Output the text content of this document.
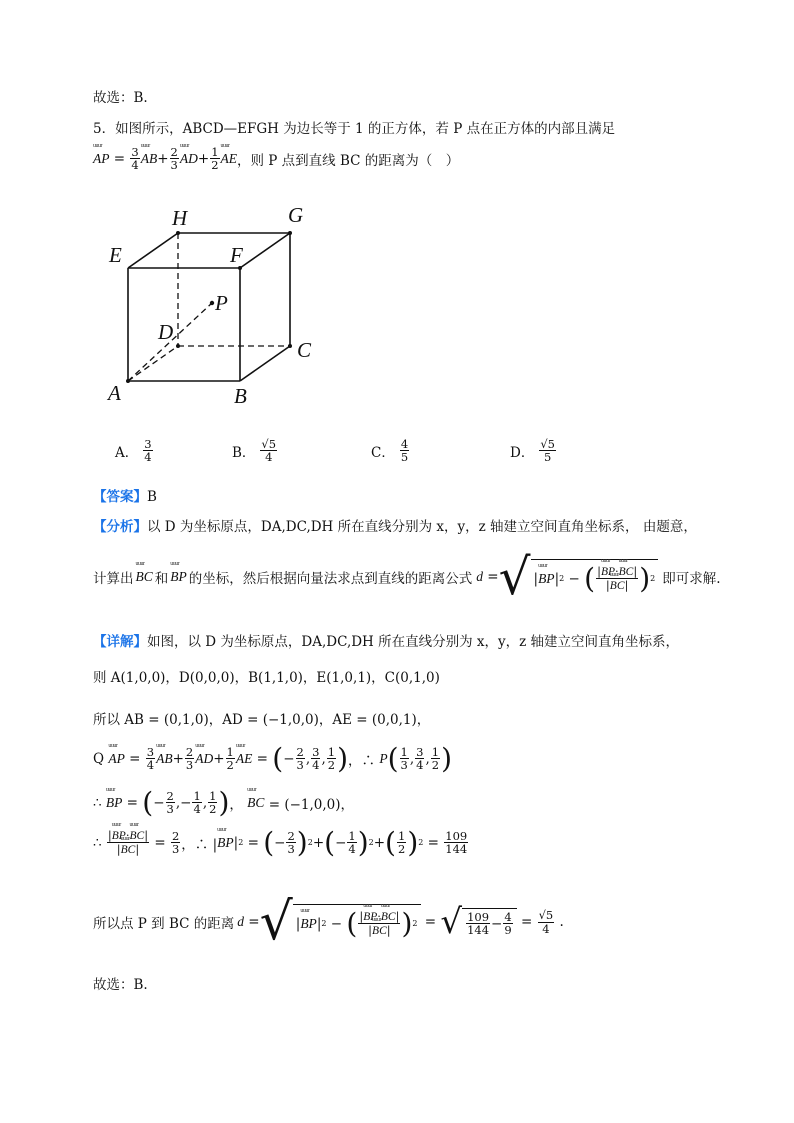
故选：B.
5．如图所示，ABCD—EFGH 为边长等于 1 的正方体，若 P 点在正方体的内部且满足
uuur AP = $\frac{3}{4}$ uuur AB + $\frac{2}{3}$ uuur AD + $\frac{1}{2}$ uuur AE ，则 P 点到直线 BC 的距离为（　）
H	G
E	F
P
D
C
A	B
A． $\frac{3}{4}$	B． $\frac{√5}{4}$	C． $\frac{4}{5}$	D． $\frac{√5}{5}$
【答案】B
【分析】以 D 为坐标原点，DA,DC,DH 所在直线分别为 x，y，z 轴建立空间直角坐标系， 由题意，
计算出 uuur BC 和 uuur BP 的坐标，然后根据向量法求点到直线的距离公式 d = √ | uuur BP | 2 − ( $\frac{\text{|uuur BP·uuur BC|}}{\text{|uuur BC|}}$ ) 2 即可求解.
【详解】如图，以 D 为坐标原点，DA,DC,DH 所在直线分别为 x，y，z 轴建立空间直角坐标系，
则 A(1,0,0)，D(0,0,0)，B(1,1,0)，E(1,0,1)，C(0,1,0)
所以 AB = (0,1,0)，AD = (−1,0,0)，AE = (0,0,1)，
Q uuur AP = $\frac{3}{4}$ uuur AB + $\frac{2}{3}$ uuur AD + $\frac{1}{2}$ uuur AE = ( − $\frac{2}{3}$ , $\frac{3}{4}$ , $\frac{1}{2}$ ) ，∴ P ( $\frac{1}{3}$ , $\frac{3}{4}$ , $\frac{1}{2}$ )
∴ uuur BP = ( − $\frac{2}{3}$ ,− $\frac{1}{4}$ , $\frac{1}{2}$ ) ， uuur BC = (−1,0,0)，
∴ $\frac{\text{|uuur BP·uuur BC|}}{\text{|uuur BC|}} = \frac{2}{3}$ ，∴ | uuur BP | 2 = ( − $\frac{2}{3}$ ) 2 + ( − $\frac{1}{4}$ ) 2 + ( $\frac{1}{2}$ ) $2 = \frac{109}{144}$
所以点 P 到 BC 的距离 d = √ | uuur BP | 2 − ( $\frac{\text{|uuur BP·uuur BC|}}{\text{|uuur BC|}}$ ) 2 = √ $\frac{109}{144} - \frac{4}{9} = \frac{√5}{4}$ .
故选：B.
